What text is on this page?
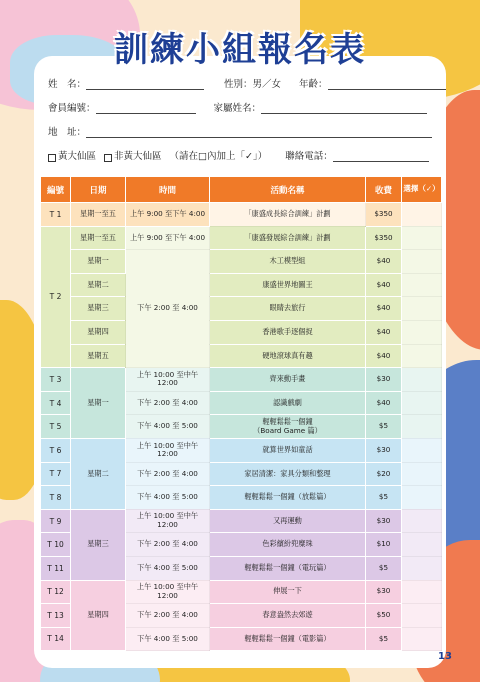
訓練小組報名表
姓　名：	性別：男／女 年齡：
會員編號：	家屬姓名：
地　址：
黃大仙區 非黃大仙區 （請在□內加上「✓」） 聯絡電話：
編號	日期	時間	活動名稱	收費	選擇（✓）
T 1	星期一至五	上午 9:00 至下午 4:00	「康盛成長綜合訓練」計劃	$350	
T 2	星期一至五	上午 9:00 至下午 4:00	「康盛發展綜合訓練」計劃	$350	
	星期一	下午 2:00 至 4:00	木工模型組	$40	
	星期二		康盛世界地圖王	$40	
	星期三		眼睛去旅行	$40	
	星期四		香港歌手逐個捉	$40	
	星期五		硬地滾球真有趣	$40	
T 3	星期一	上午 10:00 至中午 12:00	齊來動手畫	$30	
T 4		下午 2:00 至 4:00	認識戲劇	$40	
T 5		下午 4:00 至 5:00	輕輕鬆鬆一個鐘
（Board Game 篇）	$5	
T 6	星期二	上午 10:00 至中午 12:00	就算世界如童話	$30	
T 7		下午 2:00 至 4:00	家居清潔：家具分類和整理	$20	
T 8		下午 4:00 至 5:00	輕輕鬆鬆一個鐘（放鬆篇）	$5	
T 9	星期三	上午 10:00 至中午 12:00	又再運動	$30	
T 10		下午 2:00 至 4:00	色彩繽紛兜糜珠	$10	
T 11		下午 4:00 至 5:00	輕輕鬆鬆一個鐘（電玩篇）	$5	
T 12	星期四	上午 10:00 至中午 12:00	伸展一下	$30	
T 13		下午 2:00 至 4:00	春意盎然去郊遊	$50	
T 14		下午 4:00 至 5:00	輕輕鬆鬆一個鐘（電影篇）	$5	
13
